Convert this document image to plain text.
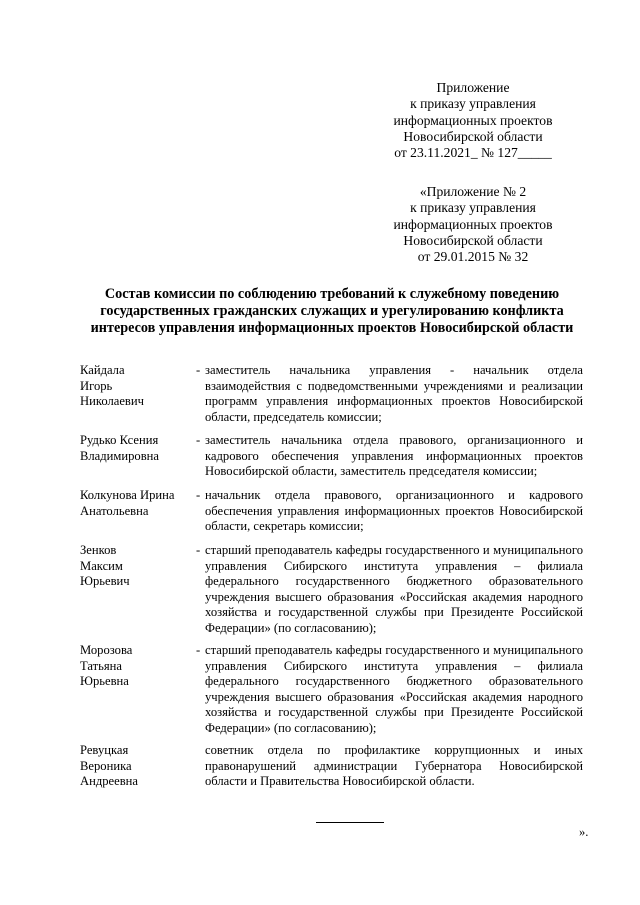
Приложение
к приказу управления
информационных проектов
Новосибирской области
от 23.11.2021_ № 127_____
«Приложение № 2
к приказу управления
информационных проектов
Новосибирской области
от 29.01.2015 № 32
Состав комиссии по соблюдению требований к служебному поведению
государственных гражданских служащих и урегулированию конфликта
интересов управления информационных проектов Новосибирской области
Кайдала
Игорь
Николаевич
- заместитель начальника управления - начальник отдела взаимодействия с подведомственными учреждениями и реализации программ управления информационных проектов Новосибирской области, председатель комиссии;
Рудько Ксения
Владимировна
- заместитель начальника отдела правового, организационного и кадрового обеспечения управления информационных проектов Новосибирской области, заместитель председателя комиссии;
Колкунова Ирина
Анатольевна
- начальник отдела правового, организационного и кадрового обеспечения управления информационных проектов Новосибирской области, секретарь комиссии;
Зенков
Максим
Юрьевич
- старший преподаватель кафедры государственного и муниципального управления Сибирского института управления – филиала федерального государственного бюджетного образовательного учреждения высшего образования «Российская академия народного хозяйства и государственной службы при Президенте Российской Федерации» (по согласованию);
Морозова
Татьяна
Юрьевна
- старший преподаватель кафедры государственного и муниципального управления Сибирского института управления – филиала федерального государственного бюджетного образовательного учреждения высшего образования «Российская академия народного хозяйства и государственной службы при Президенте Российской Федерации» (по согласованию);
Ревуцкая
Вероника
Андреевна
советник отдела по профилактике коррупционных и иных правонарушений администрации Губернатора Новосибирской области и Правительства Новосибирской области.
».
